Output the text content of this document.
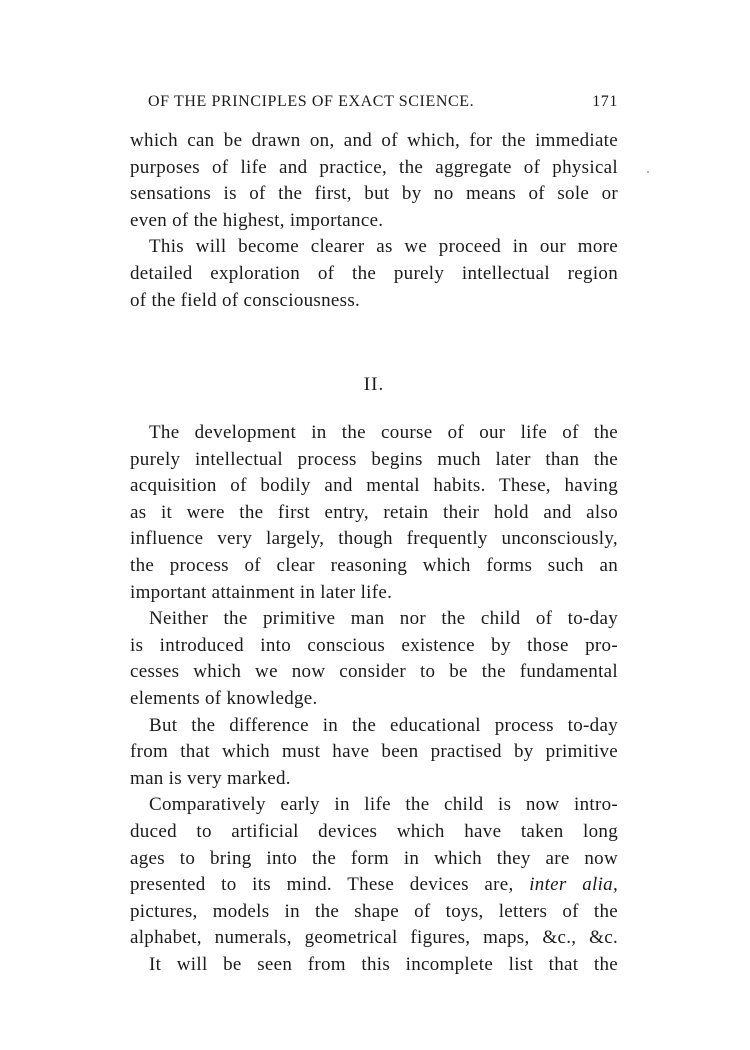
OF THE PRINCIPLES OF EXACT SCIENCE.	171
which can be drawn on, and of which, for the immediate
purposes of life and practice, the aggregate of physical
sensations is of the first, but by no means of sole or
even of the highest, importance.
This will become clearer as we proceed in our more
detailed exploration of the purely intellectual region
of the field of consciousness.
II.
The development in the course of our life of the
purely intellectual process begins much later than the
acquisition of bodily and mental habits. These, having
as it were the first entry, retain their hold and also
influence very largely, though frequently unconsciously,
the process of clear reasoning which forms such an
important attainment in later life.
Neither the primitive man nor the child of to-day
is introduced into conscious existence by those pro-
cesses which we now consider to be the fundamental
elements of knowledge.
But the difference in the educational process to-day
from that which must have been practised by primitive
man is very marked.
Comparatively early in life the child is now intro-
duced to artificial devices which have taken long
ages to bring into the form in which they are now
presented to its mind. These devices are, inter alia,
pictures, models in the shape of toys, letters of the
alphabet, numerals, geometrical figures, maps, &c., &c.
It will be seen from this incomplete list that the
